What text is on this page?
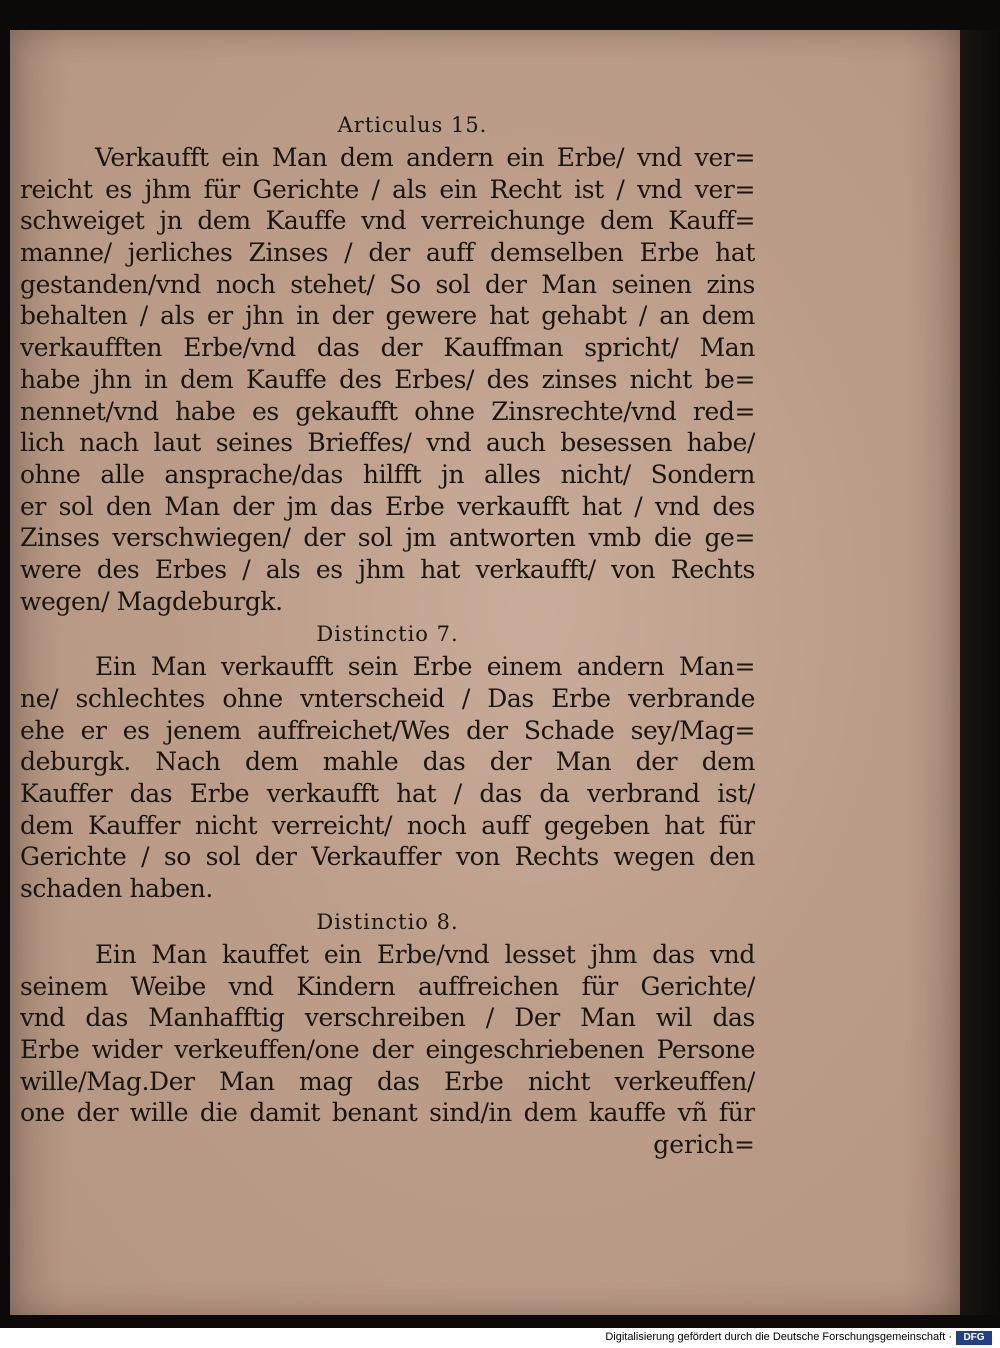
Articulus 15.
Verkaufft ein Man dem andern ein Erbe/ vnd ver=
reicht es jhm für Gerichte / als ein Recht ist / vnd ver=
schweiget jn dem Kauffe vnd verreichunge dem Kauff=
manne/ jerliches Zinses / der auff demselben Erbe hat
gestanden/vnd noch stehet/ So sol der Man seinen zins
behalten / als er jhn in der gewere hat gehabt / an dem
verkaufften Erbe/vnd das der Kauffman spricht/ Man
habe jhn in dem Kauffe des Erbes/ des zinses nicht be=
nennet/vnd habe es gekaufft ohne Zinsrechte/vnd red=
lich nach laut seines Brieffes/ vnd auch besessen habe/
ohne alle ansprache/das hilfft jn alles nicht/ Sondern
er sol den Man der jm das Erbe verkaufft hat / vnd des
Zinses verschwiegen/ der sol jm antworten vmb die ge=
were des Erbes / als es jhm hat verkaufft/ von Rechts
wegen/ Magdeburgk.
Distinctio 7.
Ein Man verkaufft sein Erbe einem andern Man=
ne/ schlechtes ohne vnterscheid / Das Erbe verbrande
ehe er es jenem auffreichet/Wes der Schade sey/Mag=
deburgk. Nach dem mahle das der Man der dem
Kauffer das Erbe verkaufft hat / das da verbrand ist/
dem Kauffer nicht verreicht/ noch auff gegeben hat für
Gerichte / so sol der Verkauffer von Rechts wegen den
schaden haben.
Distinctio 8.
Ein Man kauffet ein Erbe/vnd lesset jhm das vnd
seinem Weibe vnd Kindern auffreichen für Gerichte/
vnd das Manhafftig verschreiben / Der Man wil das
Erbe wider verkeuffen/one der eingeschriebenen Persone
wille/Mag.Der Man mag das Erbe nicht verkeuffen/
one der wille die damit benant sind/in dem kauffe vñ für
gerich=
Digitalisierung gefördert durch die Deutsche Forschungsgemeinschaft ·	DFG
